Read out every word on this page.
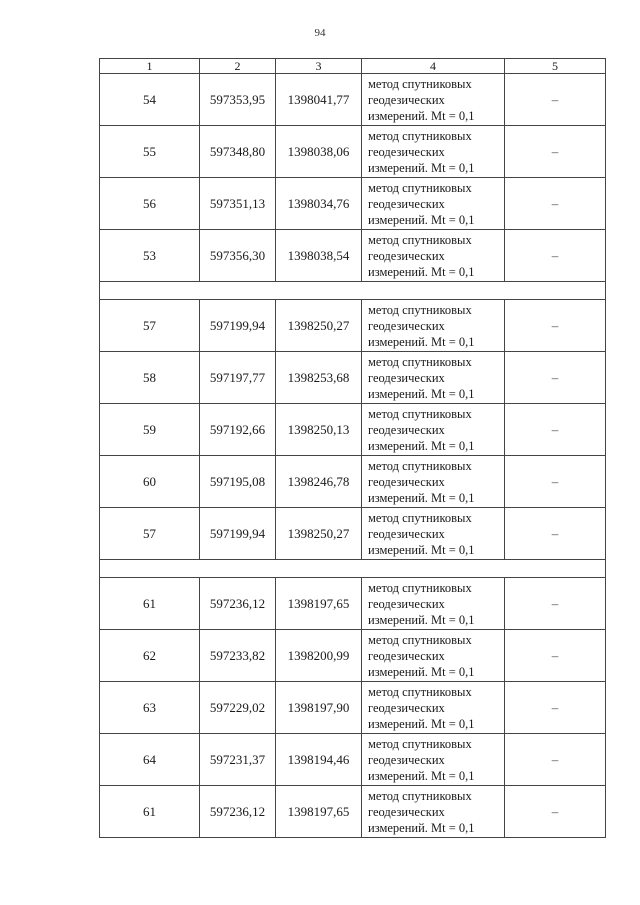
94
1	2	3	4	5
54	597353,95	1398041,77	метод спутниковых
геодезических
измерений. Mt = 0,1	–
55	597348,80	1398038,06	метод спутниковых
геодезических
измерений. Mt = 0,1	–
56	597351,13	1398034,76	метод спутниковых
геодезических
измерений. Mt = 0,1	–
53	597356,30	1398038,54	метод спутниковых
геодезических
измерений. Mt = 0,1	–

57	597199,94	1398250,27	метод спутниковых
геодезических
измерений. Mt = 0,1	–
58	597197,77	1398253,68	метод спутниковых
геодезических
измерений. Mt = 0,1	–
59	597192,66	1398250,13	метод спутниковых
геодезических
измерений. Mt = 0,1	–
60	597195,08	1398246,78	метод спутниковых
геодезических
измерений. Mt = 0,1	–
57	597199,94	1398250,27	метод спутниковых
геодезических
измерений. Mt = 0,1	–

61	597236,12	1398197,65	метод спутниковых
геодезических
измерений. Mt = 0,1	–
62	597233,82	1398200,99	метод спутниковых
геодезических
измерений. Mt = 0,1	–
63	597229,02	1398197,90	метод спутниковых
геодезических
измерений. Mt = 0,1	–
64	597231,37	1398194,46	метод спутниковых
геодезических
измерений. Mt = 0,1	–
61	597236,12	1398197,65	метод спутниковых
геодезических
измерений. Mt = 0,1	–
